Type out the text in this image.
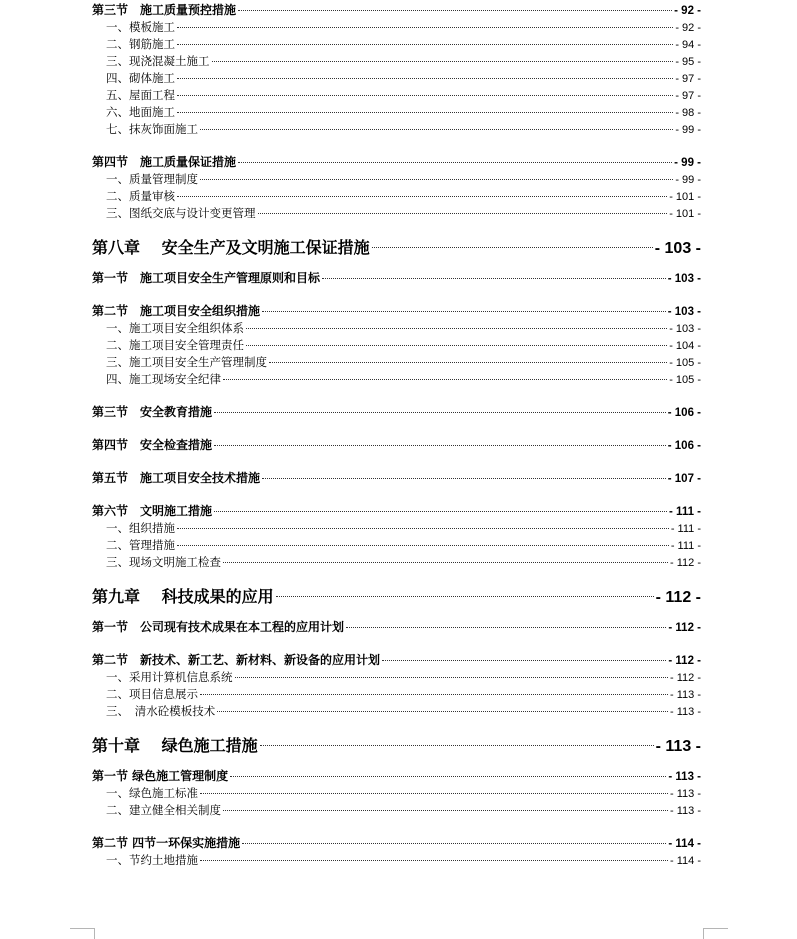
第三节　施工质量预控措施	- 92 -
一、模板施工	- 92 -
二、钢筋施工	- 94 -
三、现浇混凝土施工	- 95 -
四、砌体施工	- 97 -
五、屋面工程	- 97 -
六、地面施工	- 98 -
七、抹灰饰面施工	- 99 -
第四节　施工质量保证措施	- 99 -
一、质量管理制度	- 99 -
二、质量审核	- 101 -
三、图纸交底与设计变更管理	- 101 -
第八章　 安全生产及文明施工保证措施	- 103 -
第一节　施工项目安全生产管理原则和目标	- 103 -
第二节　施工项目安全组织措施	- 103 -
一、施工项目安全组织体系	- 103 -
二、施工项目安全管理责任	- 104 -
三、施工项目安全生产管理制度	- 105 -
四、施工现场安全纪律	- 105 -
第三节　安全教育措施	- 106 -
第四节　安全检查措施	- 106 -
第五节　施工项目安全技术措施	- 107 -
第六节　文明施工措施	- 111 -
一、组织措施	- 111 -
二、管理措施	- 111 -
三、现场文明施工检查	- 112 -
第九章　 科技成果的应用	- 112 -
第一节　公司现有技术成果在本工程的应用计划	- 112 -
第二节　新技术、新工艺、新材料、新设备的应用计划	- 112 -
一、采用计算机信息系统	- 112 -
二、项目信息展示	- 113 -
三、　清水砼模板技术	- 113 -
第十章　 绿色施工措施	- 113 -
第一节 绿色施工管理制度	- 113 -
一、绿色施工标准	- 113 -
二、建立健全相关制度	- 113 -
第二节 四节一环保实施措施	- 114 -
一、节约土地措施	- 114 -
